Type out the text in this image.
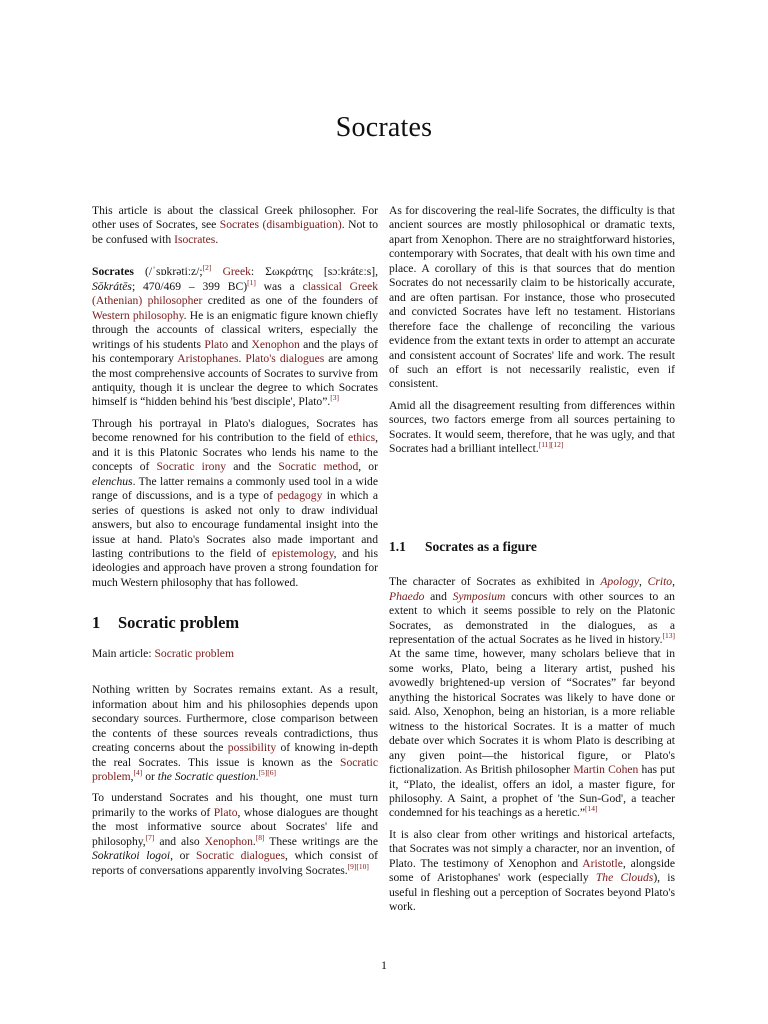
Socrates

This article is about the classical Greek philosopher. For other uses of Socrates, see Socrates (disambiguation). Not to be confused with Isocrates.

Socrates (/ˈsɒkrətiːz/;[2] Greek: Σωκράτης [sɔːkrátɛːs], Sōkrátēs; 470/469 – 399 BC)[1] was a classical Greek (Athenian) philosopher credited as one of the founders of Western philosophy. He is an enigmatic figure known chiefly through the accounts of classical writers, especially the writings of his students Plato and Xenophon and the plays of his contemporary Aristophanes. Plato's dialogues are among the most comprehensive accounts of Socrates to survive from antiquity, though it is unclear the degree to which Socrates himself is “hidden behind his 'best disciple', Plato”.[3]

Through his portrayal in Plato's dialogues, Socrates has become renowned for his contribution to the field of ethics, and it is this Platonic Socrates who lends his name to the concepts of Socratic irony and the Socratic method, or elenchus. The latter remains a commonly used tool in a wide range of discussions, and is a type of pedagogy in which a series of questions is asked not only to draw individual answers, but also to encourage fundamental insight into the issue at hand. Plato's Socrates also made important and lasting contributions to the field of epistemology, and his ideologies and approach have proven a strong foundation for much Western philosophy that has followed.

1 Socratic problem

Main article: Socratic problem

Nothing written by Socrates remains extant. As a result, information about him and his philosophies depends upon secondary sources. Furthermore, close comparison between the contents of these sources reveals contradictions, thus creating concerns about the possibility of knowing in-depth the real Socrates. This issue is known as the Socratic problem,[4] or the Socratic question.[5][6]

To understand Socrates and his thought, one must turn primarily to the works of Plato, whose dialogues are thought the most informative source about Socrates' life and philosophy,[7] and also Xenophon.[8] These writings are the Sokratikoi logoi, or Socratic dialogues, which consist of reports of conversations apparently involving Socrates.[9][10]

As for discovering the real-life Socrates, the difficulty is that ancient sources are mostly philosophical or dramatic texts, apart from Xenophon. There are no straightforward histories, contemporary with Socrates, that dealt with his own time and place. A corollary of this is that sources that do mention Socrates do not necessarily claim to be historically accurate, and are often partisan. For instance, those who prosecuted and convicted Socrates have left no testament. Historians therefore face the challenge of reconciling the various evidence from the extant texts in order to attempt an accurate and consistent account of Socrates' life and work. The result of such an effort is not necessarily realistic, even if consistent.

Amid all the disagreement resulting from differences within sources, two factors emerge from all sources pertaining to Socrates. It would seem, therefore, that he was ugly, and that Socrates had a brilliant intellect.[11][12]

1.1 Socrates as a figure

The character of Socrates as exhibited in Apology, Crito, Phaedo and Symposium concurs with other sources to an extent to which it seems possible to rely on the Platonic Socrates, as demonstrated in the dialogues, as a representation of the actual Socrates as he lived in history.[13] At the same time, however, many scholars believe that in some works, Plato, being a literary artist, pushed his avowedly brightened-up version of “Socrates” far beyond anything the historical Socrates was likely to have done or said. Also, Xenophon, being an historian, is a more reliable witness to the historical Socrates. It is a matter of much debate over which Socrates it is whom Plato is describing at any given point—the historical figure, or Plato's fictionalization. As British philosopher Martin Cohen has put it, “Plato, the idealist, offers an idol, a master figure, for philosophy. A Saint, a prophet of 'the Sun-God', a teacher condemned for his teachings as a heretic.”[14]

It is also clear from other writings and historical artefacts, that Socrates was not simply a character, nor an invention, of Plato. The testimony of Xenophon and Aristotle, alongside some of Aristophanes' work (especially The Clouds), is useful in fleshing out a perception of Socrates beyond Plato's work.

1
